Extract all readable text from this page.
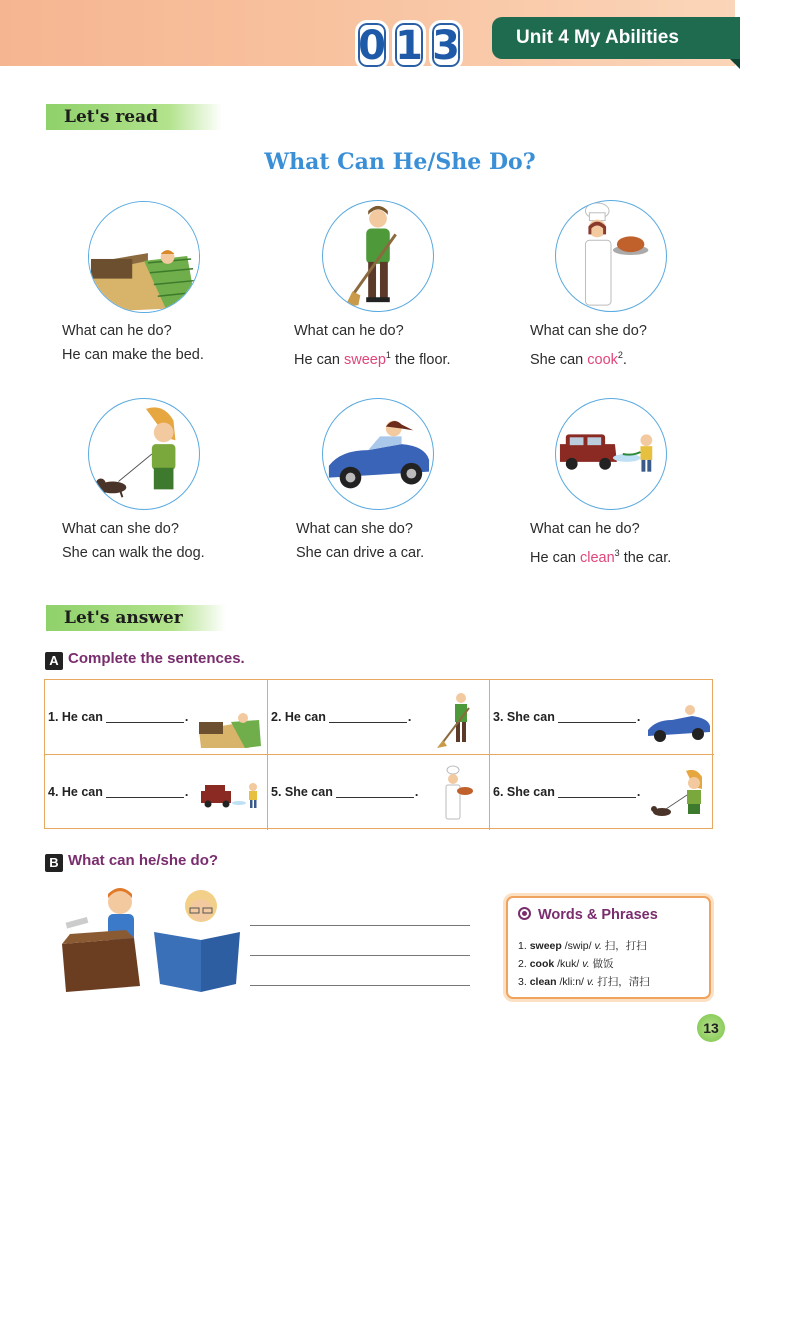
0 1 3	Unit 4 My Abilities
Let's read
What Can He/She Do?
What can he do?
He can make the bed.
What can he do?
He can sweep$^1$ the floor.
What can she do?
She can cook$^2$.
What can she do?
She can walk the dog.
What can she do?
She can drive a car.
What can he do?
He can clean$^3$ the car.
Let's answer
A Complete the sentences.
1. He can	.	2. He can	.	3. She can	.
4. He can	.	5. She can	.	6. She can	.
B What can he/she do?
Words & Phrases
1. sweep /swip/ v. 扫，打扫
2. cook /kuk/ v. 做饭
3. clean /kli:n/ v. 打扫，清扫
13
